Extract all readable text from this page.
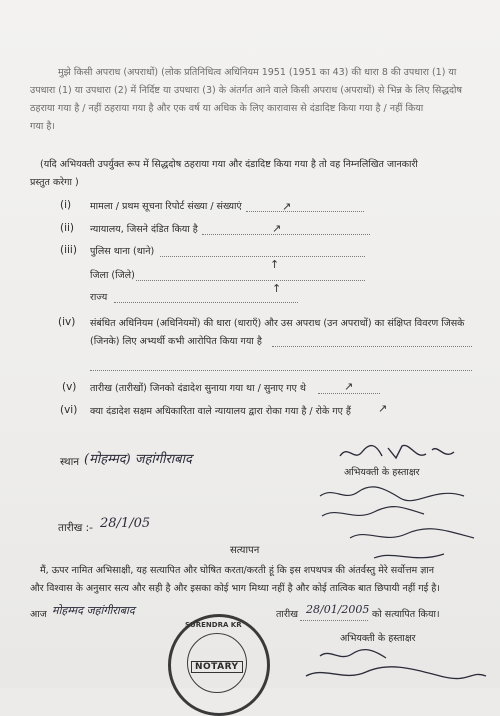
मुझे किसी अपराध (अपराधों) (लोक प्रतिनिधित्व अधिनियम 1951 (1951 का 43) की धारा 8 की उपधारा (1) या
उपधारा (1) या उपधारा (2) में निर्दिष्ट या उपधारा (3) के अंतर्गत आने वाले किसी अपराध (अपराधों) से भिन्न के लिए सिद्धदोष
ठहराया गया है / नहीं ठहराया गया है और एक वर्ष या अधिक के लिए कारावास से दंडादिष्ट किया गया है / नहीं किया
गया है।
(यदि अभियक्ती उपर्युक्त रूप में सिद्धदोष ठहराया गया और दंडादिष्ट किया गया है तो वह निम्नलिखित जानकारी
प्रस्तुत करेगा )
(i) मामला / प्रथम सूचना रिपोर्ट संख्या / संख्याएं	↗
(ii) न्यायालय, जिसने दंडित किया है	↗
(iii) पुलिस थाना (थाने)
जिला (जिले)
राज्य
↑
↑
(iv) संबंधित अधिनियम (अधिनियमों) की धारा (धाराएँ) और उस अपराध (उन अपराधों) का संक्षिप्त विवरण जिसके
(जिनके) लिए अभ्यर्थी कभी आरोपित किया गया है
(v) तारीख (तारीखों) जिनको दंडादेश सुनाया गया था / सुनाए गए थे	↗
(vi) क्या दंडादेश सक्षम अधिकारिता वाले न्यायालय द्वारा रोका गया है / रोके गए हैं ↗
अभियक्ती के हस्ताक्षर
स्थान (मोहम्मद) जहांगीराबाद
तारीख :- 28/1/05
सत्यापन
मैं, ऊपर नामित अभिसाक्षी, यह सत्यापित और घोषित करता/करती हूं कि इस शपथपत्र की अंतर्वस्तु मेरे सर्वोत्तम ज्ञान
और विश्वास के अनुसार सत्य और सही है और इसका कोई भाग मिथ्या नहीं है और कोई तात्विक बात छिपायी नहीं गई है।
आज मोहम्मद जहांगीराबाद	तारीख 28/01/2005 को सत्यापित किया।
अभियक्ती के हस्ताक्षर
SURENDRA KR
NOTARY
